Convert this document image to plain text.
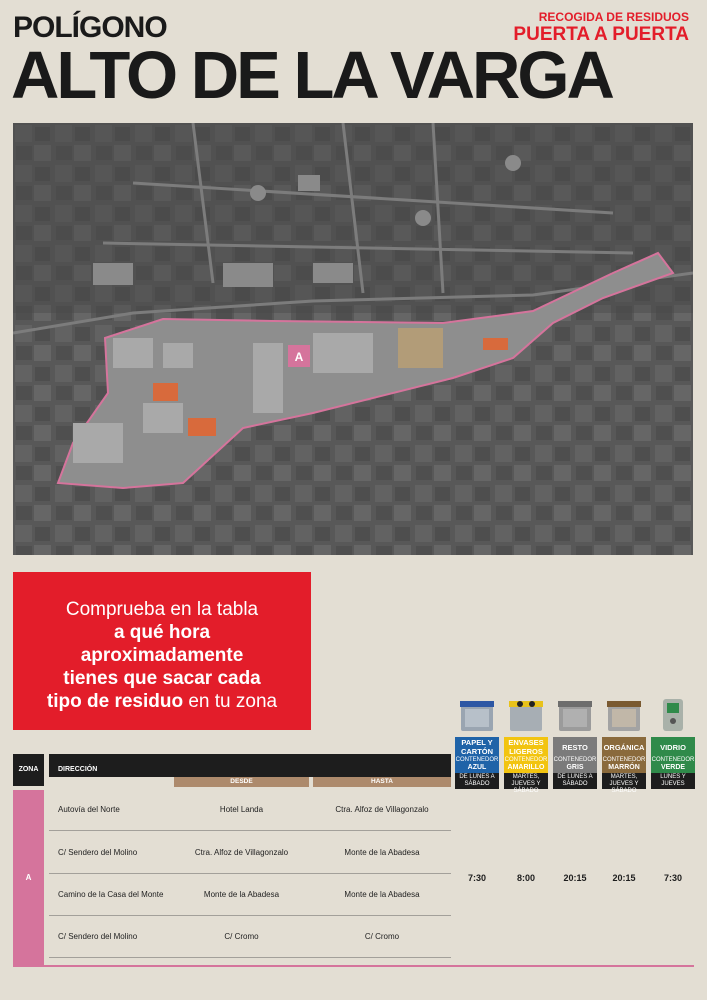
POLÍGONO
ALTO DE LA VARGA
RECOGIDA DE RESIDUOS
PUERTA A PUERTA
A
Comprueba en la tabla
a qué hora
aproximadamente
tienes que sacar cada
tipo de residuo en tu zona
PAPEL Y CARTÓN
CONTENEDOR
AZUL
DE LUNES A SÁBADO
ENVASES LIGEROS
CONTENEDOR
AMARILLO
MARTES, JUEVES Y SÁBADO
RESTO
CONTENEDOR
GRIS
DE LUNES A SÁBADO
ORGÁNICA
CONTENEDOR
MARRÓN
MARTES, JUEVES Y SÁBADO
VIDRIO
CONTENEDOR
VERDE
LUNES Y JUEVES
ZONA	DIRECCIÓN
DESDE	HASTA
A
Autovía del Norte	Hotel Landa	Ctra. Alfoz de Villagonzalo
C/ Sendero del Molino	Ctra. Alfoz de Villagonzalo	Monte de la Abadesa
Camino de la Casa del Monte	Monte de la Abadesa	Monte de la Abadesa
C/ Sendero del Molino	C/ Cromo	C/ Cromo
7:30	8:00	20:15	20:15	7:30
